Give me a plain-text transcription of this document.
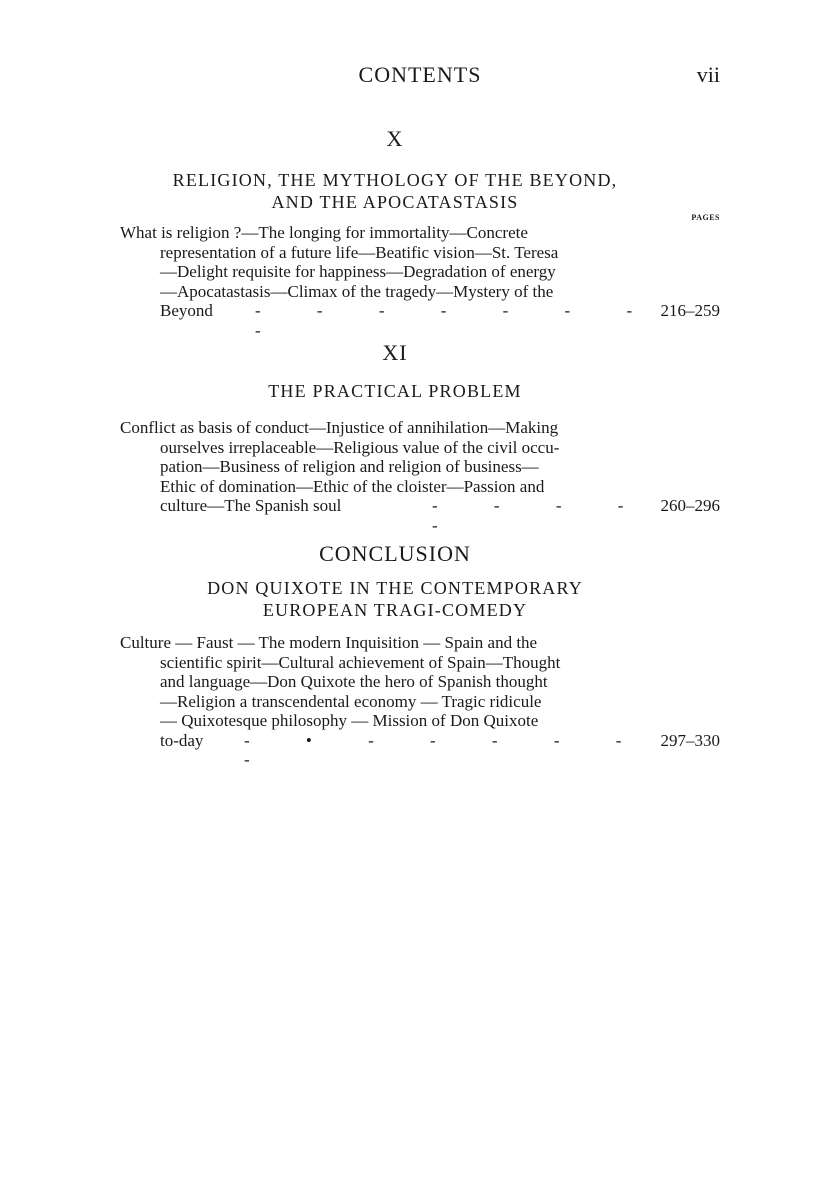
CONTENTS	vii

X

RELIGION, THE MYTHOLOGY OF THE BEYOND,

AND THE APOCATASTASIS

PAGES

What is religion ?—The longing for immortality—Concrete

representation of a future life—Beatific vision—St. Teresa

—Delight requisite for happiness—Degradation of energy

—Apocatastasis—Climax of the tragedy—Mystery of the

Beyond - - - - - - - -
216–259

XI

THE PRACTICAL PROBLEM

Conflict as basis of conduct—Injustice of annihilation—Making

ourselves irreplaceable—Religious value of the civil occu-

pation—Business of religion and religion of business—

Ethic of domination—Ethic of the cloister—Passion and

culture—The Spanish soul	- - - - -
260–296

CONCLUSION

DON QUIXOTE IN THE CONTEMPORARY

EUROPEAN TRAGI-COMEDY

Culture — Faust — The modern Inquisition — Spain and the

scientific spirit—Cultural achievement of Spain—Thought

and language—Don Quixote the hero of Spanish thought

—Religion a transcendental economy — Tragic ridicule

— Quixotesque philosophy — Mission of Don Quixote

to-day - • - - - - - -
297–330
